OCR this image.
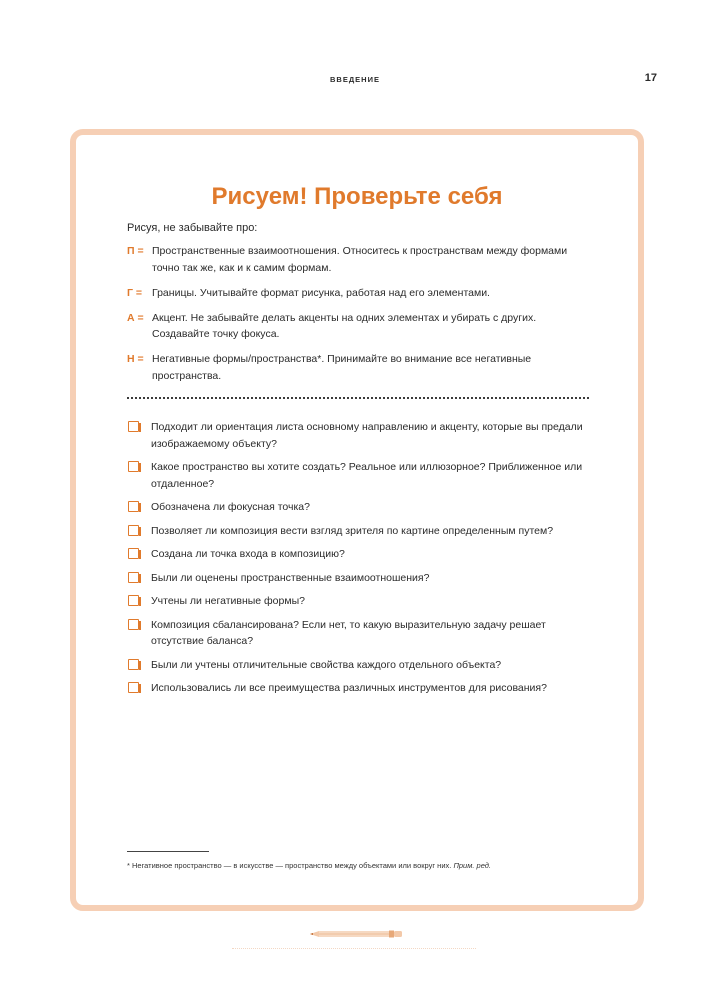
ВВЕДЕНИЕ	17
Рисуем! Проверьте себя
Рисуя, не забывайте про:
П = Пространственные взаимоотношения. Относитесь к пространствам между формами точно так же, как и к самим формам.
Г = Границы. Учитывайте формат рисунка, работая над его элементами.
А = Акцент. Не забывайте делать акценты на одних элементах и убирать с других. Создавайте точку фокуса.
Н = Негативные формы/пространства*. Принимайте во внимание все негативные пространства.
Подходит ли ориентация листа основному направлению и акценту, которые вы предали изображаемому объекту?
Какое пространство вы хотите создать? Реальное или иллюзорное? Приближенное или отдаленное?
Обозначена ли фокусная точка?
Позволяет ли композиция вести взгляд зрителя по картине определенным путем?
Создана ли точка входа в композицию?
Были ли оценены пространственные взаимоотношения?
Учтены ли негативные формы?
Композиция сбалансирована? Если нет, то какую выразительную задачу решает отсутствие баланса?
Были ли учтены отличительные свойства каждого отдельного объекта?
Использовались ли все преимущества различных инструментов для рисования?
* Негативное пространство — в искусстве — пространство между объектами или вокруг них. Прим. ред.
